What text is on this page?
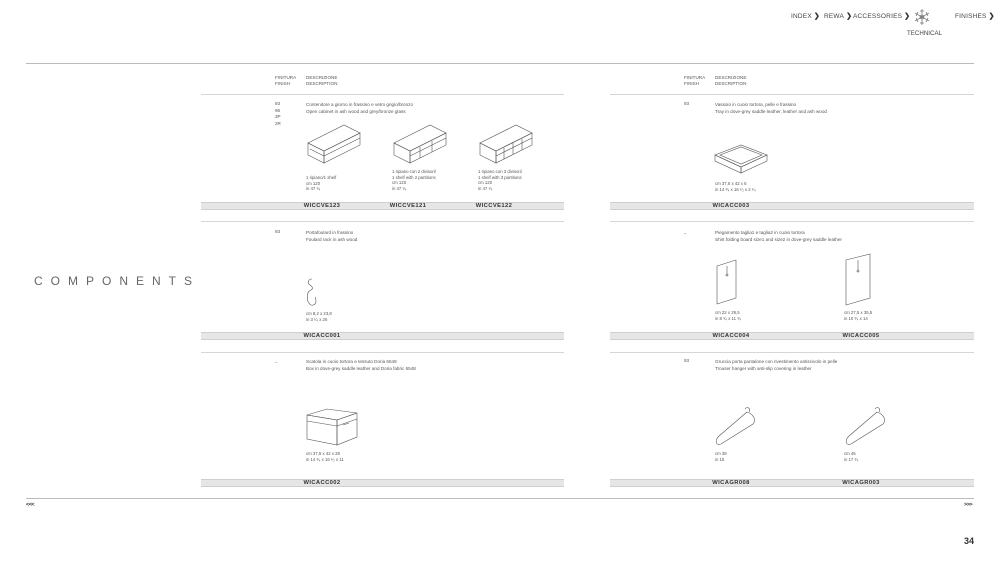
INDEX ❯ REWA ❯ ACCESSORIES ❯
TECHNICAL
FINISHES ❯
COMPONENTS
FINITURA
FINISH
DESCRIZIONE
DESCRIPTION
93
96
3P
2R
Contenitore a giorno in frassino e vetro grigio/bronzo
Open cabinet in ash wood and grey/bronze glass
1 ripiano/1 shelf
cm 120
in 47 ¹⁄₄
1 ripiano con 2 divisori/
1 shelf with 2 partitions
cm 120
in 47 ¹⁄₄
1 ripiano con 3 divisori/
1 shelf with 3 partitions
cm 120
in 47 ¹⁄₄
WICCVE123	WICCVE121	WICCVE122
93	Portafoulard in frassino
Foulard rack in ash wood
cm 8,2 x 23,8
in 3 ¹⁄₄ x 26
WICACC001
_	Scatola in cuoio tortora e tessuto Doria 6548
Box in dove-grey saddle leather and Doria fabric 6548
cm 37,5 x 42 x 28
in 14 ³⁄₄ x 16 ¹⁄₂ x 11
WICACC002
FINITURA
FINISH
DESCRIZIONE
DESCRIPTION
93	Vassoio in cuoio tortora, pelle e frassino
Tray in dove-grey saddle leather, leather and ash wood
cm 37,5 x 42 x 6
in 14 ³⁄₄ x 16 ¹⁄₂ x 2 ¹⁄₄
WICACC003
_	Piegamento taglia1 e taglia2 in cuoio tortora
Shirt folding board size1 and size2 in dove-grey saddle leather
cm 22 x 29,5
in 8 ³⁄₄ x 11 ³⁄₄
cm 27,5 x 35,5
in 10 ³⁄₄ x 14
WICACC004	WICACC005
93	Gruccia porta pantalone con rivestimento antiscivolo in pelle
Trouser hanger with anti-slip covering in leather
cm 38
in 15
cm 45
in 17 ³⁄₄
WICAGR008	WICAGR003
<<<	>>>
34
